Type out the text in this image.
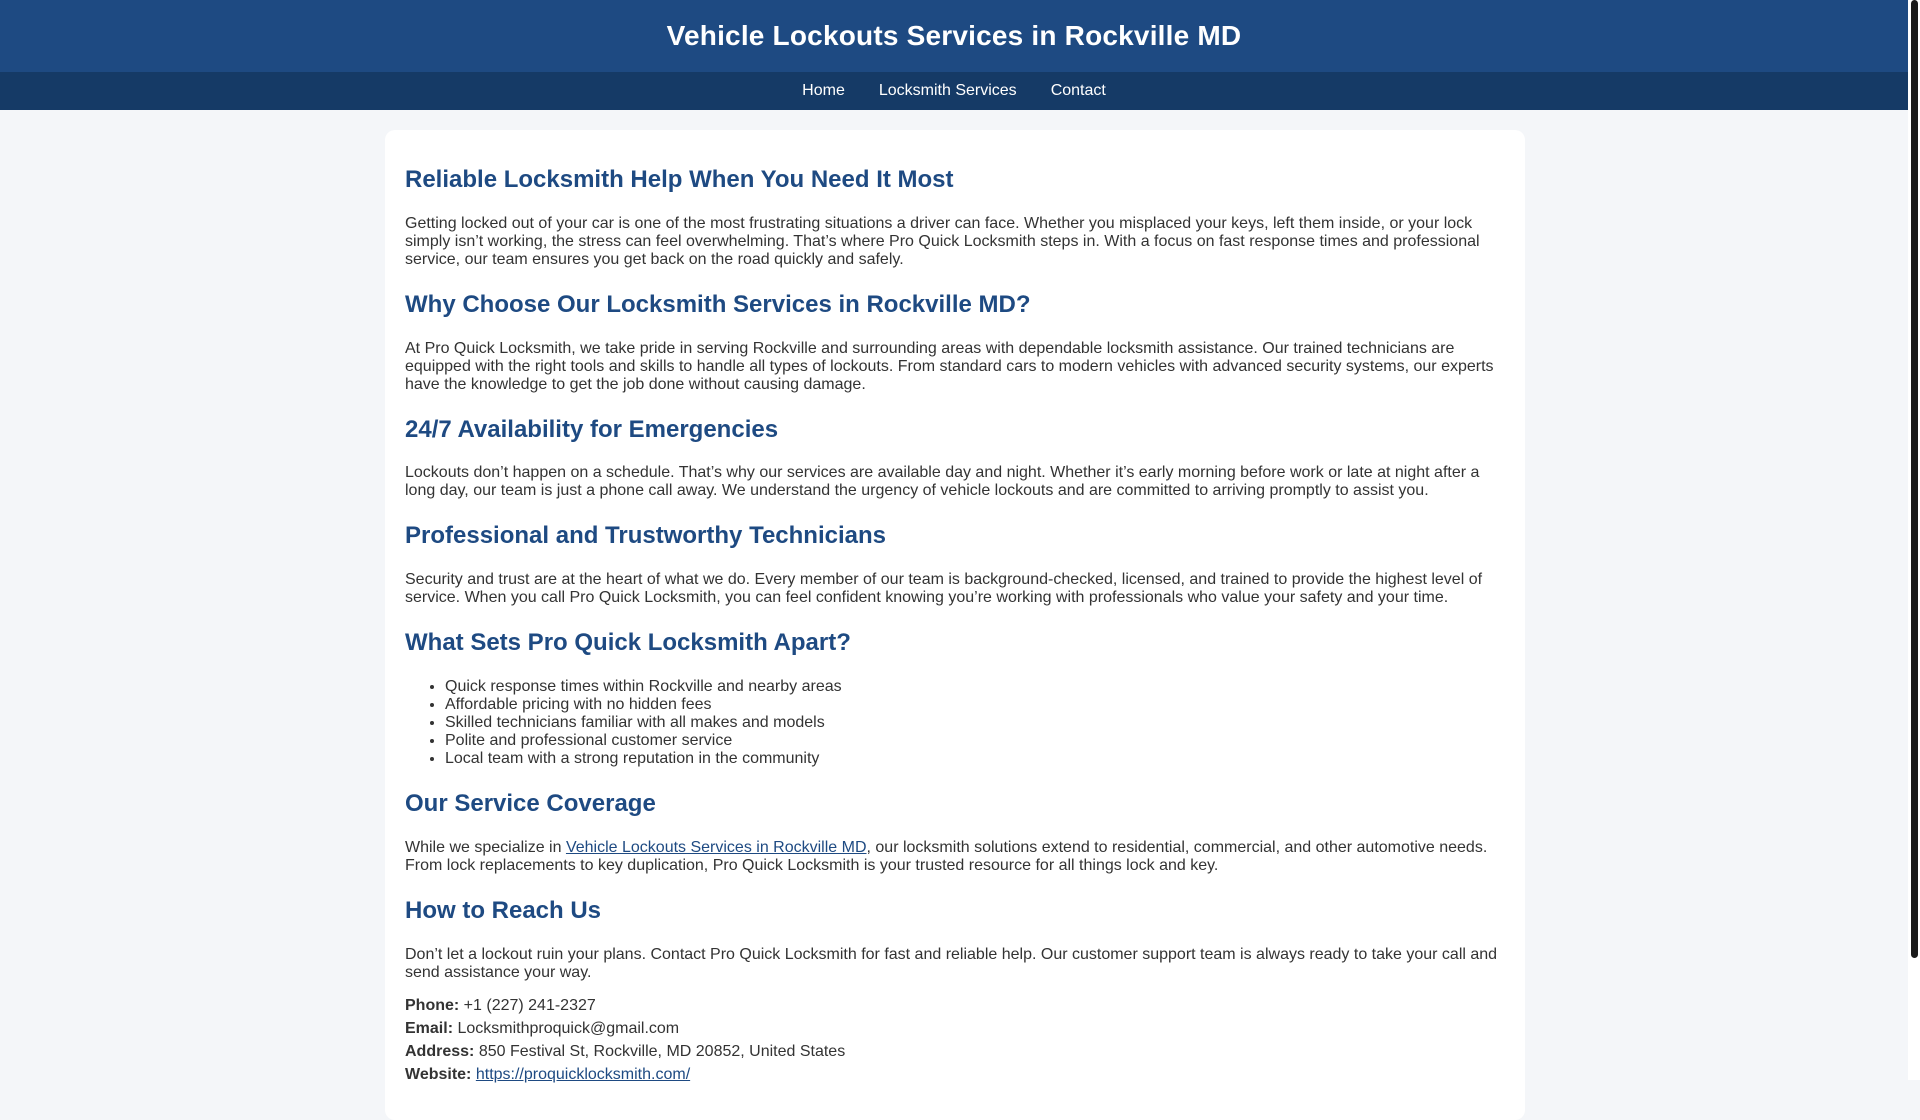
Vehicle Lockouts Services in Rockville MD
Home Locksmith Services Contact
Reliable Locksmith Help When You Need It Most

Getting locked out of your car is one of the most frustrating situations a driver can face. Whether you misplaced your keys, left them inside, or your lock simply isn’t working, the stress can feel overwhelming. That’s where Pro Quick Locksmith steps in. With a focus on fast response times and professional service, our team ensures you get back on the road quickly and safely.

Why Choose Our Locksmith Services in Rockville MD?

At Pro Quick Locksmith, we take pride in serving Rockville and surrounding areas with dependable locksmith assistance. Our trained technicians are equipped with the right tools and skills to handle all types of lockouts. From standard cars to modern vehicles with advanced security systems, our experts have the knowledge to get the job done without causing damage.

24/7 Availability for Emergencies

Lockouts don’t happen on a schedule. That’s why our services are available day and night. Whether it’s early morning before work or late at night after a long day, our team is just a phone call away. We understand the urgency of vehicle lockouts and are committed to arriving promptly to assist you.

Professional and Trustworthy Technicians

Security and trust are at the heart of what we do. Every member of our team is background-checked, licensed, and trained to provide the highest level of service. When you call Pro Quick Locksmith, you can feel confident knowing you’re working with professionals who value your safety and your time.

What Sets Pro Quick Locksmith Apart?
• Quick response times within Rockville and nearby areas
• Affordable pricing with no hidden fees
• Skilled technicians familiar with all makes and models
• Polite and professional customer service
• Local team with a strong reputation in the community
Our Service Coverage

While we specialize in Vehicle Lockouts Services in Rockville MD, our locksmith solutions extend to residential, commercial, and other automotive needs. From lock replacements to key duplication, Pro Quick Locksmith is your trusted resource for all things lock and key.

How to Reach Us

Don’t let a lockout ruin your plans. Contact Pro Quick Locksmith for fast and reliable help. Our customer support team is always ready to take your call and send assistance your way.

Phone: +1 (227) 241-2327
Email: Locksmithproquick@gmail.com
Address: 850 Festival St, Rockville, MD 20852, United States
Website: https://proquicklocksmith.com/
